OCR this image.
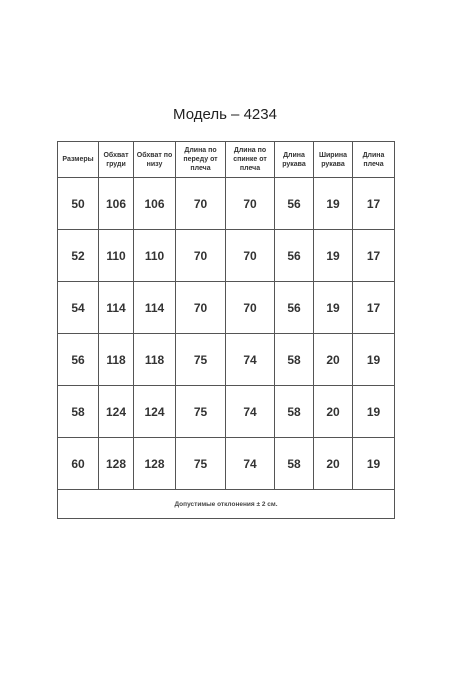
Модель – 4234
Размеры	Обхват груди	Обхват по низу	Длина по переду от плеча	Длина по спинке от плеча	Длина рукава	Ширина рукава	Длина плеча
50	106	106	70	70	56	19	17
52	110	110	70	70	56	19	17
54	114	114	70	70	56	19	17
56	118	118	75	74	58	20	19
58	124	124	75	74	58	20	19
60	128	128	75	74	58	20	19
Допустимые отклонения ± 2 см.							
